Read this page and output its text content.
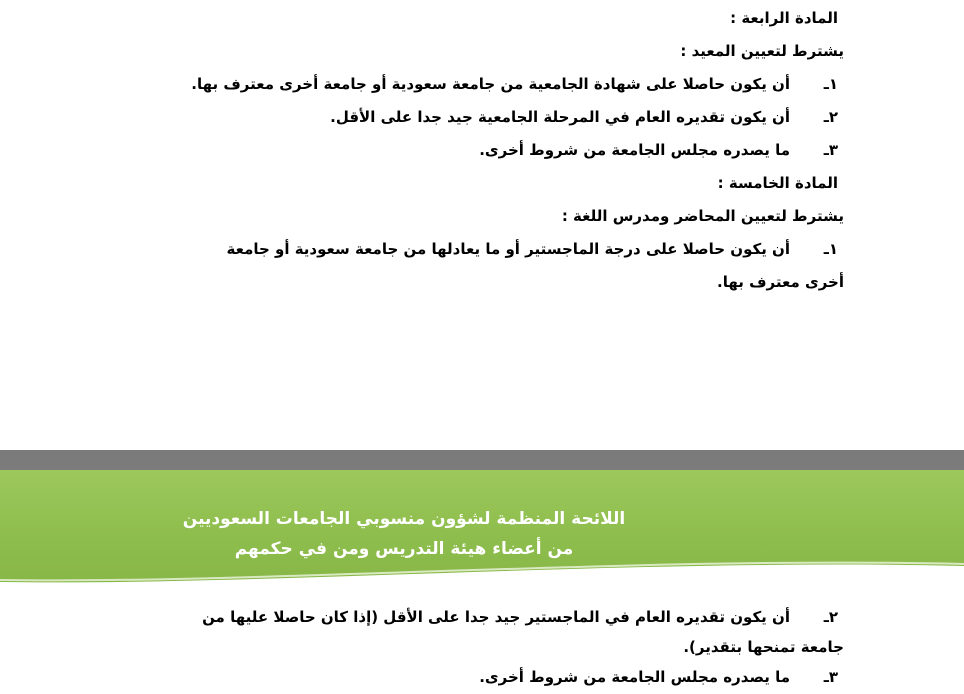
المادة الرابعة :
يشترط لتعيين المعيد :
١ـ
أن يكون حاصلا على شهادة الجامعية من جامعة سعودية أو جامعة أخرى معترف بها.
٢ـ
أن يكون تقديره العام في المرحلة الجامعية جيد جدا على الأقل.
٣ـ
ما يصدره مجلس الجامعة من شروط أخرى.
المادة الخامسة :
يشترط لتعيين المحاضر ومدرس اللغة :
١ـ
أن يكون حاصلا على درجة الماجستير أو ما يعادلها من جامعة سعودية أو جامعة
أخرى معترف بها.
اللائحة المنظمة لشؤون منسوبي الجامعات السعوديين
من أعضاء هيئة التدريس ومن في حكمهم
٢ـ
أن يكون تقديره العام في الماجستير جيد جدا على الأقل (إذا كان حاصلا عليها من
جامعة تمنحها بتقدير).
٣ـ
ما يصدره مجلس الجامعة من شروط أخرى.
